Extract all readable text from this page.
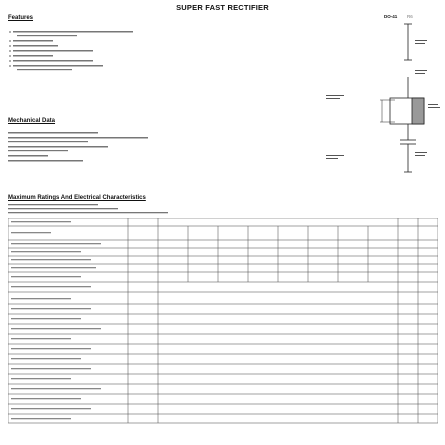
SUPER FAST RECTIFIER
Features
Mechanical Data
DO-41 R6
Maximum Ratings And Electrical Characteristics
